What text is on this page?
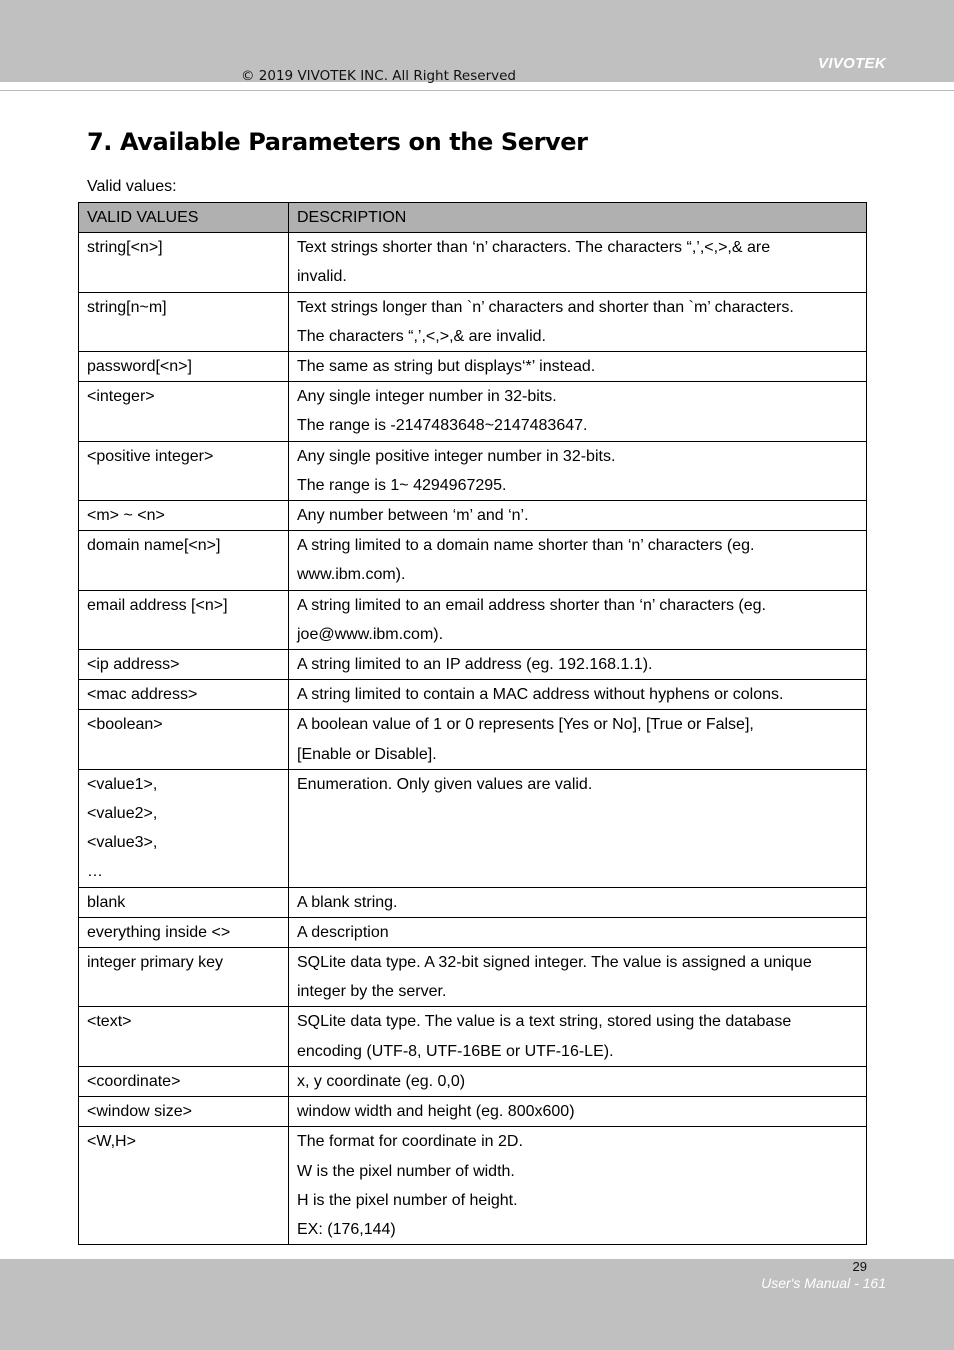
VIVOTEK
© 2019 VIVOTEK INC. All Right Reserved
7. Available Parameters on the Server
Valid values:
VALID VALUES	DESCRIPTION
string[<n>]	Text strings shorter than ‘n’ characters. The characters “,’,<,>,& are
invalid.
string[n~m]	Text strings longer than `n’ characters and shorter than `m’ characters.
The characters “,’,<,>,& are invalid.
password[<n>]	The same as string but displays‘*’ instead.
<integer>	Any single integer number in 32-bits.
The range is -2147483648~2147483647.
<positive integer>	Any single positive integer number in 32-bits.
The range is 1~ 4294967295.
<m> ~ <n>	Any number between ‘m’ and ‘n’.
domain name[<n>]	A string limited to a domain name shorter than ‘n’ characters (eg.
www.ibm.com).
email address [<n>]	A string limited to an email address shorter than ‘n’ characters (eg.
joe@www.ibm.com).
<ip address>	A string limited to an IP address (eg. 192.168.1.1).
<mac address>	A string limited to contain a MAC address without hyphens or colons.
<boolean>	A boolean value of 1 or 0 represents [Yes or No], [True or False],
[Enable or Disable].
<value1>,
<value2>,
<value3>,
…	Enumeration. Only given values are valid.
blank	A blank string.
everything inside <>	A description
integer primary key	SQLite data type. A 32-bit signed integer. The value is assigned a unique
integer by the server.
<text>	SQLite data type. The value is a text string, stored using the database
encoding (UTF-8, UTF-16BE or UTF-16-LE).
<coordinate>	x, y coordinate (eg. 0,0)
<window size>	window width and height (eg. 800x600)
<W,H>	The format for coordinate in 2D.
W is the pixel number of width.
H is the pixel number of height.
EX: (176,144)
29
User's Manual - 161
